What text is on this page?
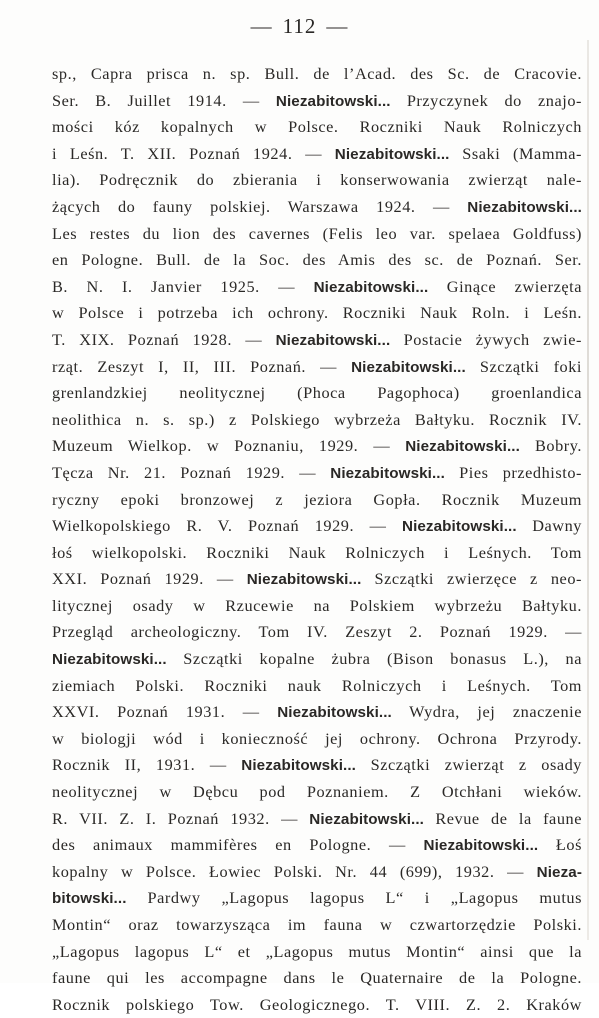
— 112 —
sp., Capra prisca n. sp. Bull. de l’Acad. des Sc. de Cracovie.
Ser. B. Juillet 1914. — Niezabitowski... Przyczynek do znajo-
mości kóz kopalnych w Polsce. Roczniki Nauk Rolniczych
i Leśn. T. XII. Poznań 1924. — Niezabitowski... Ssaki (Mamma-
lia). Podręcznik do zbierania i konserwowania zwierząt nale-
żących do fauny polskiej. Warszawa 1924. — Niezabitowski...
Les restes du lion des cavernes (Felis leo var. spelaea Goldfuss)
en Pologne. Bull. de la Soc. des Amis des sc. de Poznań. Ser.
B. N. I. Janvier 1925. — Niezabitowski... Ginące zwierzęta
w Polsce i potrzeba ich ochrony. Roczniki Nauk Roln. i Leśn.
T. XIX. Poznań 1928. — Niezabitowski... Postacie żywych zwie-
rząt. Zeszyt I, II, III. Poznań. — Niezabitowski... Szczątki foki
grenlandzkiej neolitycznej (Phoca Pagophoca) groenlandica
neolithica n. s. sp.) z Polskiego wybrzeża Bałtyku. Rocznik IV.
Muzeum Wielkop. w Poznaniu, 1929. — Niezabitowski... Bobry.
Tęcza Nr. 21. Poznań 1929. — Niezabitowski... Pies przedhisto-
ryczny epoki bronzowej z jeziora Gopła. Rocznik Muzeum
Wielkopolskiego R. V. Poznań 1929. — Niezabitowski... Dawny
łoś wielkopolski. Roczniki Nauk Rolniczych i Leśnych. Tom
XXI. Poznań 1929. — Niezabitowski... Szczątki zwierzęce z neo-
litycznej osady w Rzucewie na Polskiem wybrzeżu Bałtyku.
Przegląd archeologiczny. Tom IV. Zeszyt 2. Poznań 1929. —
Niezabitowski... Szczątki kopalne żubra (Bison bonasus L.), na
ziemiach Polski. Roczniki nauk Rolniczych i Leśnych. Tom
XXVI. Poznań 1931. — Niezabitowski... Wydra, jej znaczenie
w biologji wód i konieczność jej ochrony. Ochrona Przyrody.
Rocznik II, 1931. — Niezabitowski... Szczątki zwierząt z osady
neolitycznej w Dębcu pod Poznaniem. Z Otchłani wieków.
R. VII. Z. I. Poznań 1932. — Niezabitowski... Revue de la faune
des animaux mammifères en Pologne. — Niezabitowski... Łoś
kopalny w Polsce. Łowiec Polski. Nr. 44 (699), 1932. — Nieza-
bitowski... Pardwy „Lagopus lagopus L“ i „Lagopus mutus
Montin“ oraz towarzysząca im fauna w czwartorzędzie Polski.
„Lagopus lagopus L“ et „Lagopus mutus Montin“ ainsi que la
faune qui les accompagne dans le Quaternaire de la Pologne.
Rocznik polskiego Tow. Geologicznego. T. VIII. Z. 2. Kraków
